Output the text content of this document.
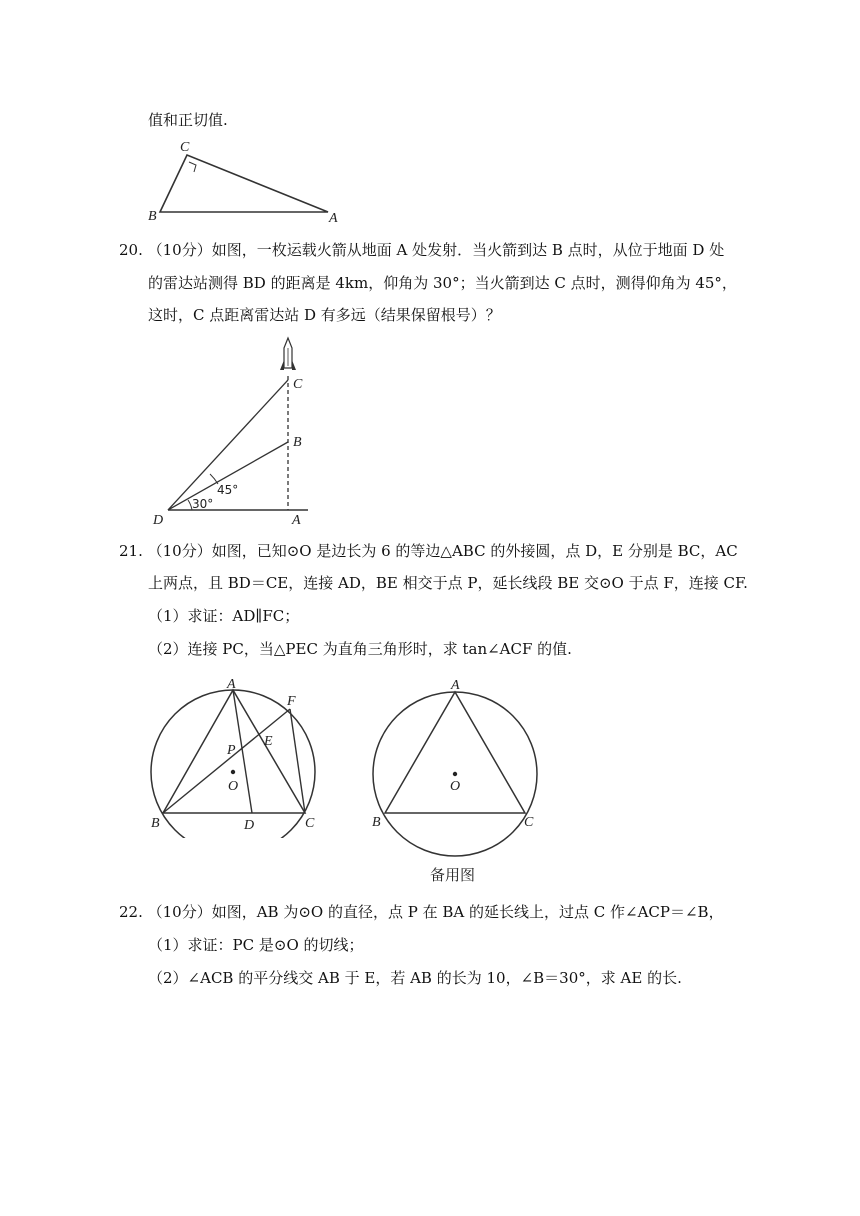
值和正切值.
C
B	A
20. （10分）如图，一枚运载火箭从地面 A 处发射．当火箭到达 B 点时，从位于地面 D 处
的雷达站测得 BD 的距离是 4km，仰角为 30°；当火箭到达 C 点时，测得仰角为 45°，
这时，C 点距离雷达站 D 有多远（结果保留根号）？
C
B
D	A
45°
30°
21. （10分）如图，已知⊙O 是边长为 6 的等边△ABC 的外接圆，点 D，E 分别是 BC，AC
上两点，且 BD＝CE，连接 AD，BE 相交于点 P，延长线段 BE 交⊙O 于点 F，连接 CF.
（1）求证：AD∥FC；
（2）连接 PC，当△PEC 为直角三角形时，求 tan∠ACF 的值.
A
F
P
E
O
B	D	C
A
O
B	C
备用图
22. （10分）如图，AB 为⊙O 的直径，点 P 在 BA 的延长线上，过点 C 作∠ACP＝∠B，
（1）求证：PC 是⊙O 的切线；
（2）∠ACB 的平分线交 AB 于 E，若 AB 的长为 10，∠B＝30°，求 AE 的长.
